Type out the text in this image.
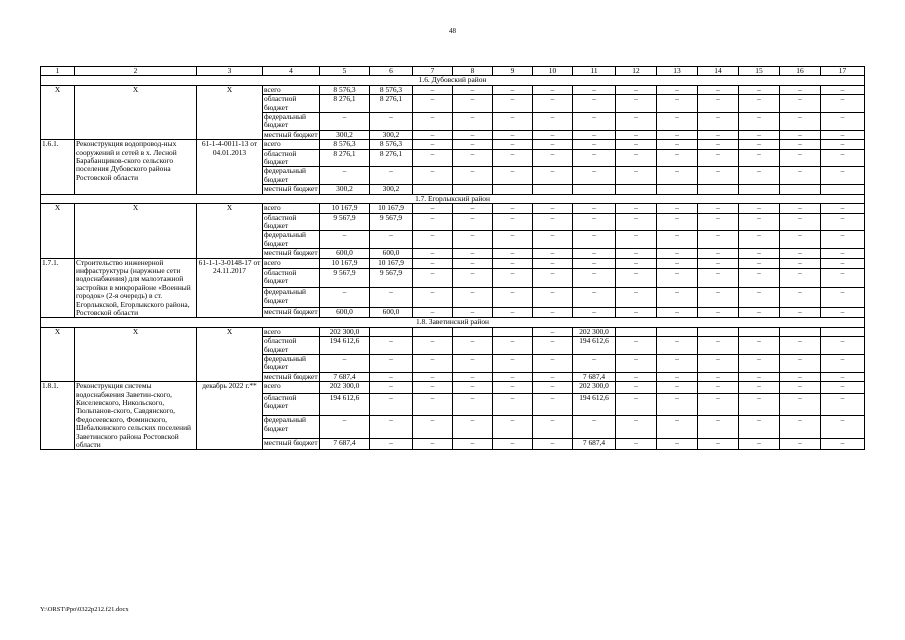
48
1	2	3	4	5	6	7	8	9	10	11	12	13	14	15	16	17
1.6. Дубовский район																
Х	Х	Х	всего	8 576,3	8 576,3	–	–	–	–	–	–	–	–	–	–	–
			областной бюджет	8 276,1	8 276,1	–	–	–	–	–	–	–	–	–	–	–
			федеральный бюджет	–	–	–	–	–	–	–	–	–	–	–	–	–
			местный бюджет	300,2	300,2	–	–	–	–	–	–	–	–	–	–	–
1.6.1.	Реконструкция водопровод-ных сооружений и сетей в х. Лесной Барабанщиков-ского сельского поселения Дубовского района Ростовской области	61-1-4-0011-13 от 04.01.2013	всего	8 576,3	8 576,3	–	–	–	–	–	–	–	–	–	–	–
			областной бюджет	8 276,1	8 276,1	–	–	–	–	–	–	–	–	–	–	–
			федеральный бюджет	–	–	–	–	–	–	–	–	–	–	–	–	–
			местный бюджет	300,2	300,2											
1.7. Егорлыкский район																
Х	Х	Х	всего	10 167,9	10 167,9	–	–	–	–	–	–	–	–	–	–	–
			областной бюджет	9 567,9	9 567,9	–	–	–	–	–	–	–	–	–	–	–
			федеральный бюджет	–	–	–	–	–	–	–	–	–	–	–	–	–
			местный бюджет	600,0	600,0	–	–	–	–	–	–	–	–	–	–	–
1.7.1.	Строительство инженерной инфраструктуры (наружные сети водоснабжения) для малоэтажной застройки в микрорайоне «Военный городок» (2-я очередь) в ст. Егорлыкской, Егорлыкского района, Ростовской области	61-1-1-3-0148-17 от 24.11.2017	всего	10 167,9	10 167,9	–	–	–	–	–	–	–	–	–	–	–
			областной бюджет	9 567,9	9 567,9	–	–	–	–	–	–	–	–	–	–	–
			федеральный бюджет	–	–	–	–	–	–	–	–	–	–	–	–	–
			местный бюджет	600,0	600,0	–	–	–	–	–	–	–	–	–	–	–
1.8. Заветинский район																
Х	Х	Х	всего	202 300,0					–	202 300,0						
			областной бюджет	194 612,6	–	–	–	–	–	194 612,6	–	–	–	–	–	–
			федеральный бюджет	–	–	–	–	–	–	–	–	–	–	–	–	–
			местный бюджет	7 687,4	–	–	–	–	–	7 687,4	–	–	–	–	–	–
1.8.1.	Реконструкция системы водоснабжения Заветин-ского, Киселевского, Никольского, Тюльпанов-ского, Савдянского, Федосеевского, Фоминского, Шебалкинского сельских поселений Заветинского района Ростовской области	декабрь 2022 г.**	всего	202 300,0	–	–	–	–	–	202 300,0	–	–	–	–	–	–
			областной бюджет	194 612,6	–	–	–	–	–	194 612,6	–	–	–	–	–	–
			федеральный бюджет	–	–	–	–	–	–	–	–	–	–	–	–	–
			местный бюджет	7 687,4	–	–	–	–	–	7 687,4	–	–	–	–	–	–
Y:\ORST\Ppo\0322p212.f21.docx
